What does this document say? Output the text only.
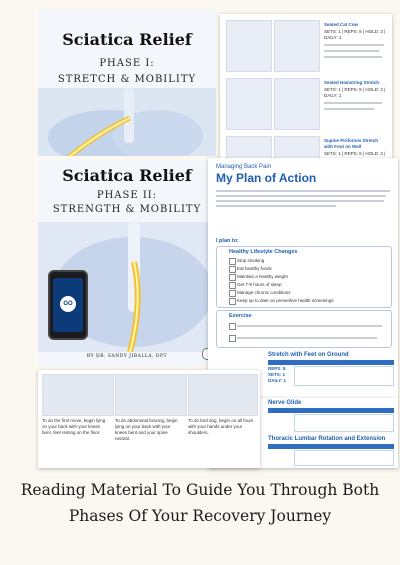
Sciatica Relief
PHASE I:
STRETCH & MOBILITY
Sciatica Relief
PHASE II:
STRENGTH & MOBILITY
BY DR. SANDY JIBALLA, DPT
GO
Seated Cat Cow
SETS: 1 | REPS: 8 | HOLD: 3 | DAILY: 1
Seated Hamstring Stretch
SETS: 1 | REPS: 8 | HOLD: 3 | DAILY: 1
Supine Piriformis Stretch with Foot on Wall
SETS: 1 | REPS: 8 | HOLD: 3 |
Managing Back Pain
My Plan of Action
I plan to:
Healthy Lifestyle Changes
Stop smoking
Eat healthy foods
Maintain a healthy weight
Get 7-9 hours of sleep
Manage chronic conditions
Keep up to date on preventive health screenings
Exercise
Stretch with Feet on Ground
REPS: 8
SETS: 1
DAILY: 1
Nerve Glide
Thoracic Lumbar Rotation and Extension
To do the first move, begin lying on your back with your knees bent, feet resting on the floor.
To do abdominal bracing, begin lying on your back with your knees bent and your spine neutral.
To do bird dog, begin on all fours with your hands under your shoulders.
Reading Material To Guide You Through Both
Phases Of Your Recovery Journey
